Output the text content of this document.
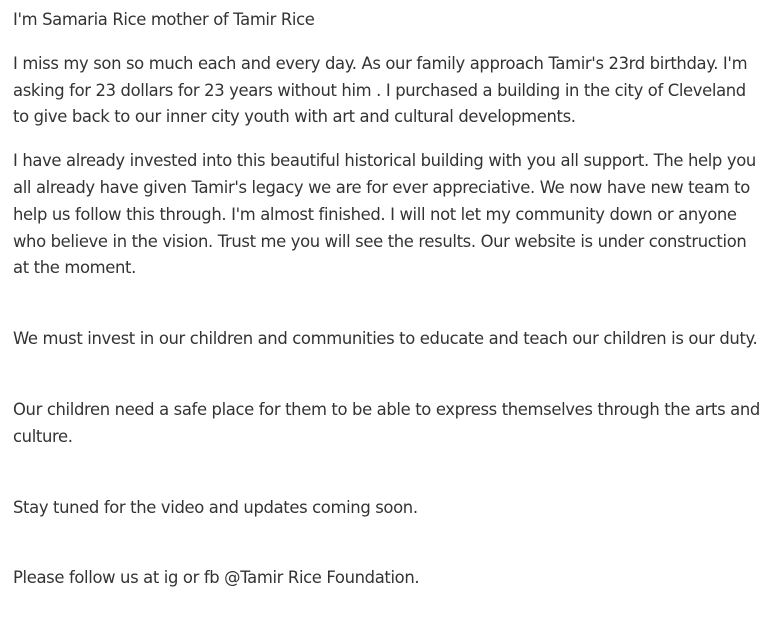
I'm Samaria Rice mother of Tamir Rice

I miss my son so much each and every day. As our family approach Tamir's 23rd birthday. I'm asking for 23 dollars for 23 years without him . I purchased a building in the city of Cleveland to give back to our inner city youth with art and cultural developments.

I have already invested into this beautiful historical building with you all support. The help you all already have given Tamir's legacy we are for ever appreciative. We now have new team to help us follow this through. I'm almost finished. I will not let my community down or anyone who believe in the vision. Trust me you will see the results. Our website is under construction at the moment.

We must invest in our children and communities to educate and teach our children is our duty.

Our children need a safe place for them to be able to express themselves through the arts and culture.

Stay tuned for the video and updates coming soon.

Please follow us at ig or fb @Tamir Rice Foundation.
